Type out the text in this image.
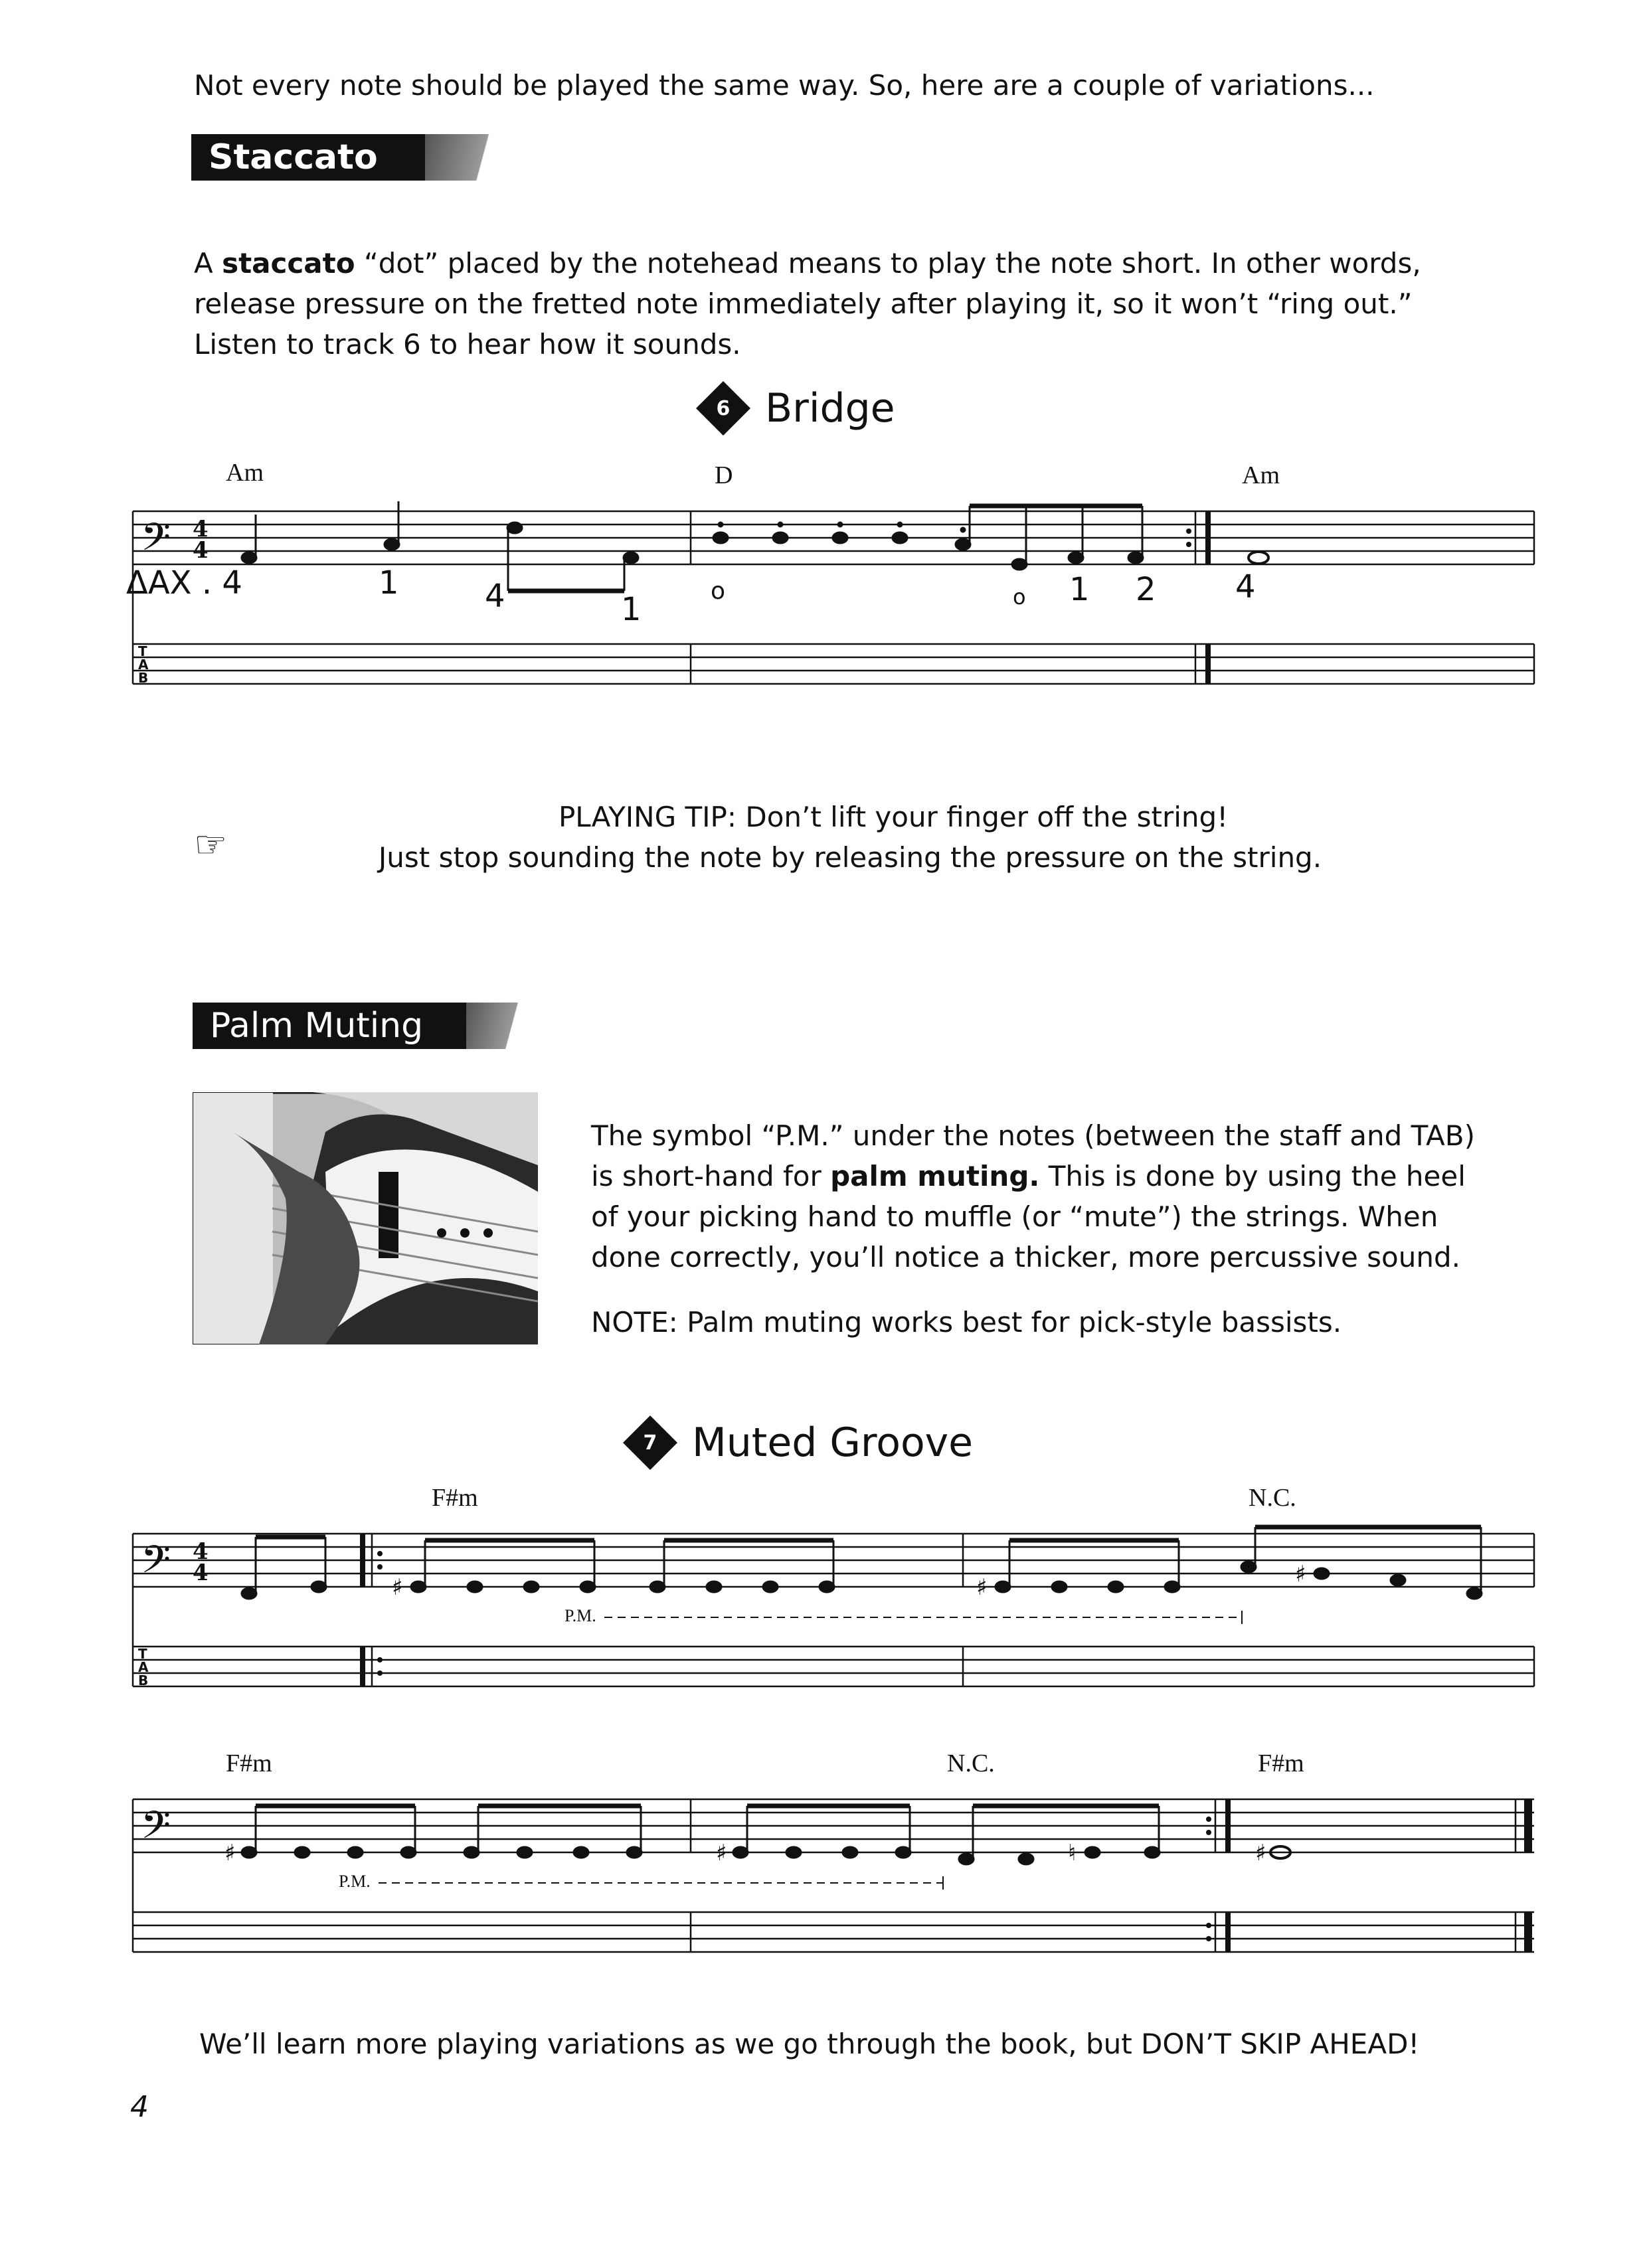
Not every note should be played the same way. So, here are a couple of variations...
Staccato
A staccato “dot” placed by the notehead means to play the note short. In other words,
release pressure on the fretted note immediately after playing it, so it won’t “ring out.”
Listen to track 6 to hear how it sounds.
6 Bridge
Am	D	Am
𝄢 4
4
T
A
B
ΔAX . 4	1	4	1	o	o 1 2 4
☞
PLAYING TIP: Don’t lift your finger off the string!
Just stop sounding the note by releasing the pressure on the string.
Palm Muting
The symbol “P.M.” under the notes (between the staff and TAB)
is short-hand for palm muting. This is done by using the heel
of your picking hand to muffle (or “mute”) the strings. When
done correctly, you’ll notice a thicker, more percussive sound.
NOTE: Palm muting works best for pick-style bassists.
7 Muted Groove
F#m	N.C.
𝄢 4
4
T
A
B
♯	♯	♯
P.M.
F#m	N.C.	F#m
𝄢 ♯	♯	♮	♯
P.M.
We’ll learn more playing variations as we go through the book, but DON’T SKIP AHEAD!
4
